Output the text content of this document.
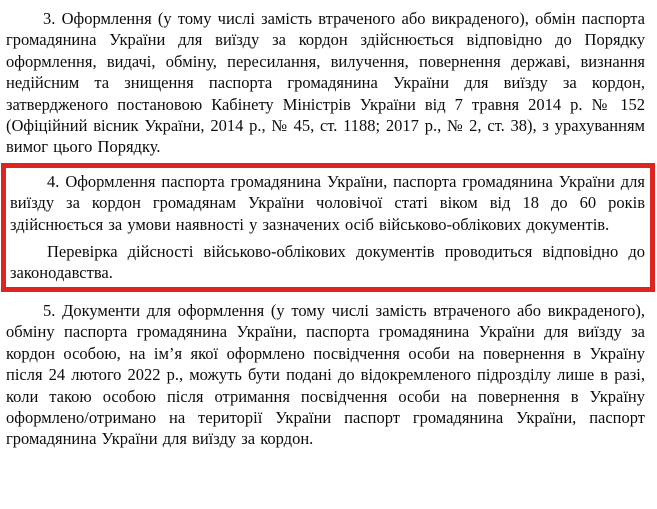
3. Оформлення (у тому числі замість втраченого або викраденого), обмін паспорта громадянина України для виїзду за кордон здійснюється відповідно до Порядку оформлення, видачі, обміну, пересилання, вилучення, повернення державі, визнання недійсним та знищення паспорта громадянина України для виїзду за кордон, затвердженого постановою Кабінету Міністрів України від 7 травня 2014 р. № 152 (Офіційний вісник України, 2014 р., № 45, ст. 1188; 2017 р., № 2, ст. 38), з урахуванням вимог цього Порядку.

4. Оформлення паспорта громадянина України, паспорта громадянина України для виїзду за кордон громадянам України чоловічої статі віком від 18 до 60 років здійснюється за умови наявності у зазначених осіб військово-облікових документів.

Перевірка дійсності військово-облікових документів проводиться відповідно до законодавства.

5. Документи для оформлення (у тому числі замість втраченого або викраденого), обміну паспорта громадянина України, паспорта громадянина України для виїзду за кордон особою, на ім’я якої оформлено посвідчення особи на повернення в Україну після 24 лютого 2022 р., можуть бути подані до відокремленого підрозділу лише в разі, коли такою особою після отримання посвідчення особи на повернення в Україну оформлено/отримано на території України паспорт громадянина України, паспорт громадянина України для виїзду за кордон.
